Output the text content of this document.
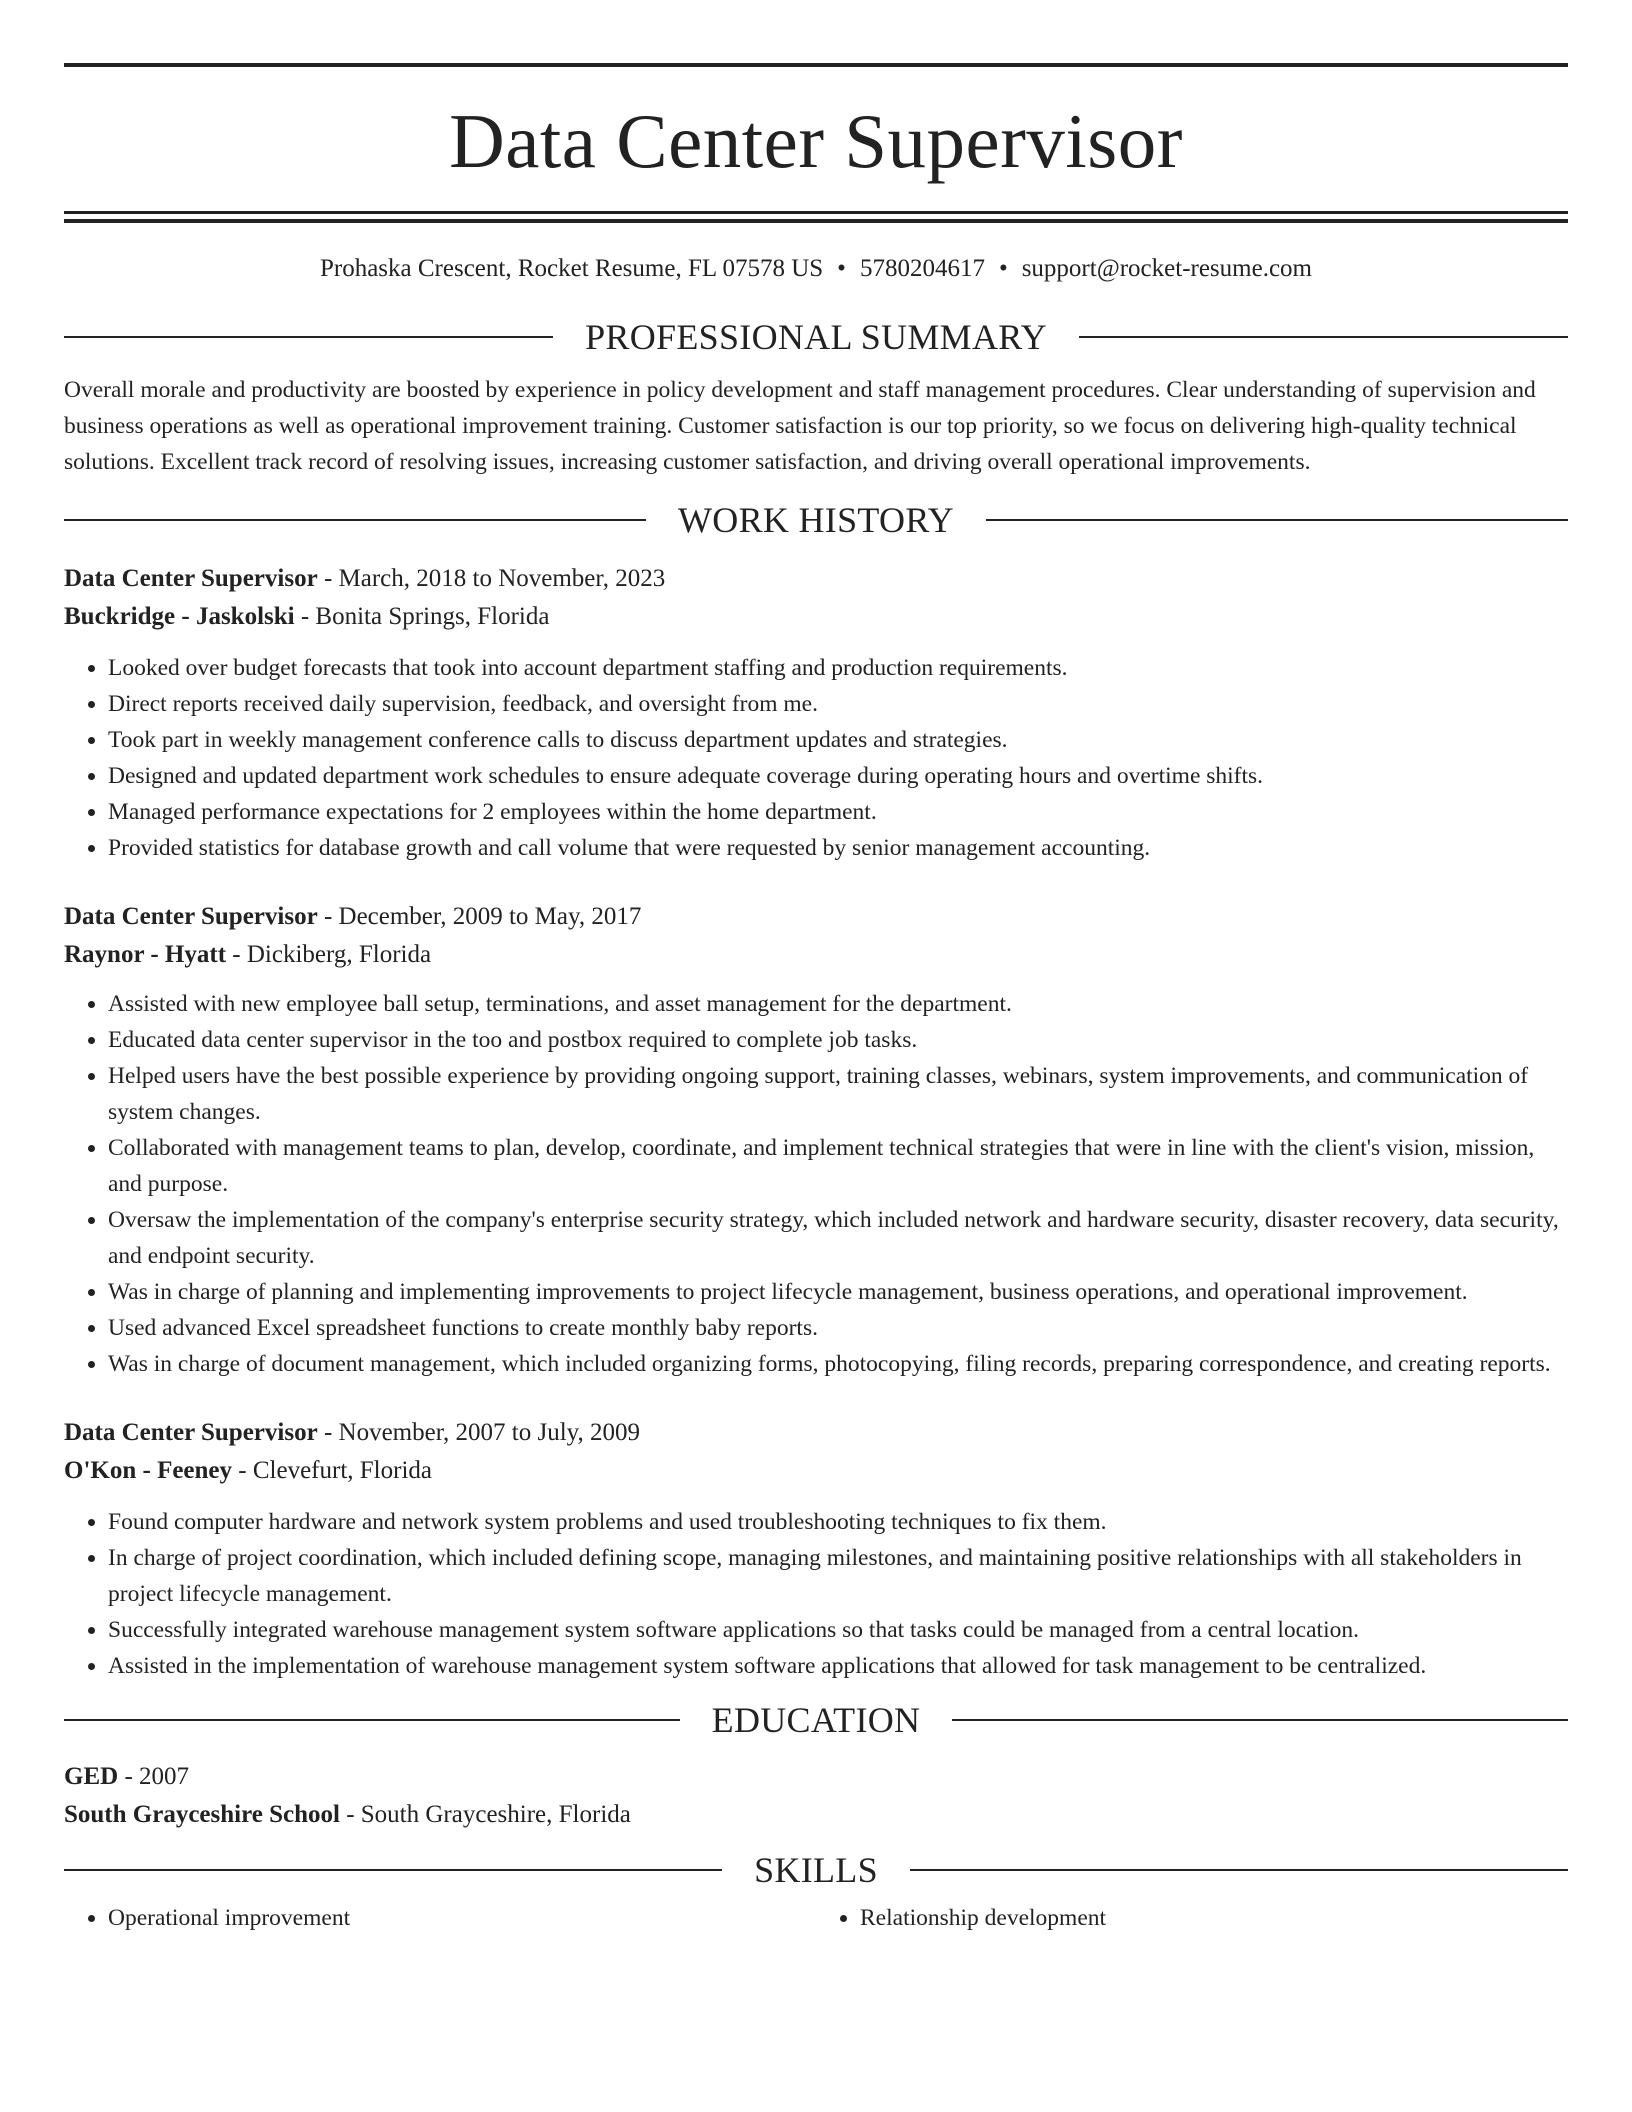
Data Center Supervisor
Prohaska Crescent, Rocket Resume, FL 07578 US • 5780204617 • support@rocket-resume.com
PROFESSIONAL SUMMARY

Overall morale and productivity are boosted by experience in policy development and staff management procedures. Clear understanding of supervision and business operations as well as operational improvement training. Customer satisfaction is our top priority, so we focus on delivering high-quality technical solutions. Excellent track record of resolving issues, increasing customer satisfaction, and driving overall operational improvements.

WORK HISTORY
Data Center Supervisor - March, 2018 to November, 2023
Buckridge - Jaskolski - Bonita Springs, Florida
• Looked over budget forecasts that took into account department staffing and production requirements.
• Direct reports received daily supervision, feedback, and oversight from me.
• Took part in weekly management conference calls to discuss department updates and strategies.
• Designed and updated department work schedules to ensure adequate coverage during operating hours and overtime shifts.
• Managed performance expectations for 2 employees within the home department.
• Provided statistics for database growth and call volume that were requested by senior management accounting.
Data Center Supervisor - December, 2009 to May, 2017
Raynor - Hyatt - Dickiberg, Florida
• Assisted with new employee ball setup, terminations, and asset management for the department.
• Educated data center supervisor in the too and postbox required to complete job tasks.
• Helped users have the best possible experience by providing ongoing support, training classes, webinars, system improvements, and communication of system changes.
• Collaborated with management teams to plan, develop, coordinate, and implement technical strategies that were in line with the client's vision, mission, and purpose.
• Oversaw the implementation of the company's enterprise security strategy, which included network and hardware security, disaster recovery, data security, and endpoint security.
• Was in charge of planning and implementing improvements to project lifecycle management, business operations, and operational improvement.
• Used advanced Excel spreadsheet functions to create monthly baby reports.
• Was in charge of document management, which included organizing forms, photocopying, filing records, preparing correspondence, and creating reports.
Data Center Supervisor - November, 2007 to July, 2009
O'Kon - Feeney - Clevefurt, Florida
• Found computer hardware and network system problems and used troubleshooting techniques to fix them.
• In charge of project coordination, which included defining scope, managing milestones, and maintaining positive relationships with all stakeholders in project lifecycle management.
• Successfully integrated warehouse management system software applications so that tasks could be managed from a central location.
• Assisted in the implementation of warehouse management system software applications that allowed for task management to be centralized.
EDUCATION
GED - 2007
South Grayceshire School - South Grayceshire, Florida
SKILLS
• Operational improvement
•	Relationship development
